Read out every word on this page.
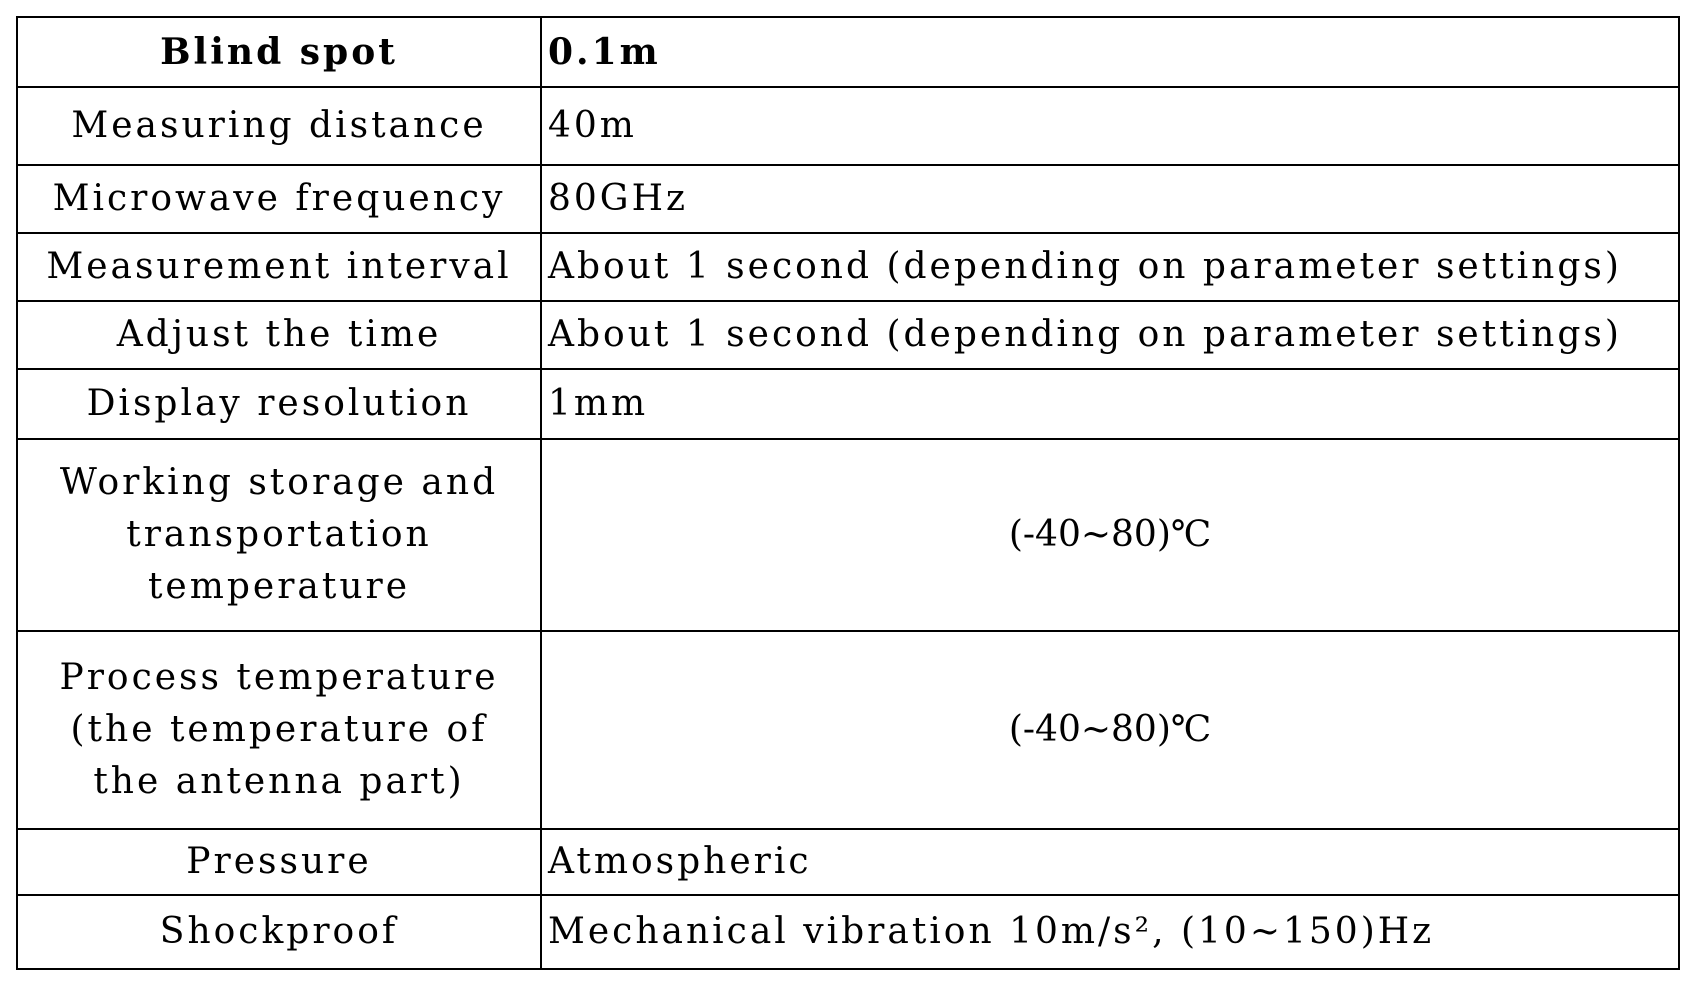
Blind spot	0.1m
Measuring distance	40m
Microwave frequency	80GHz
Measurement interval	About 1 second (depending on parameter settings)
Adjust the time	About 1 second (depending on parameter settings)
Display resolution	1mm
Working storage and transportation temperature	(-40~80)℃
Process temperature (the temperature of the antenna part)	(-40~80)℃
Pressure	Atmospheric
Shockproof	Mechanical vibration 10m/s², (10~150)Hz
